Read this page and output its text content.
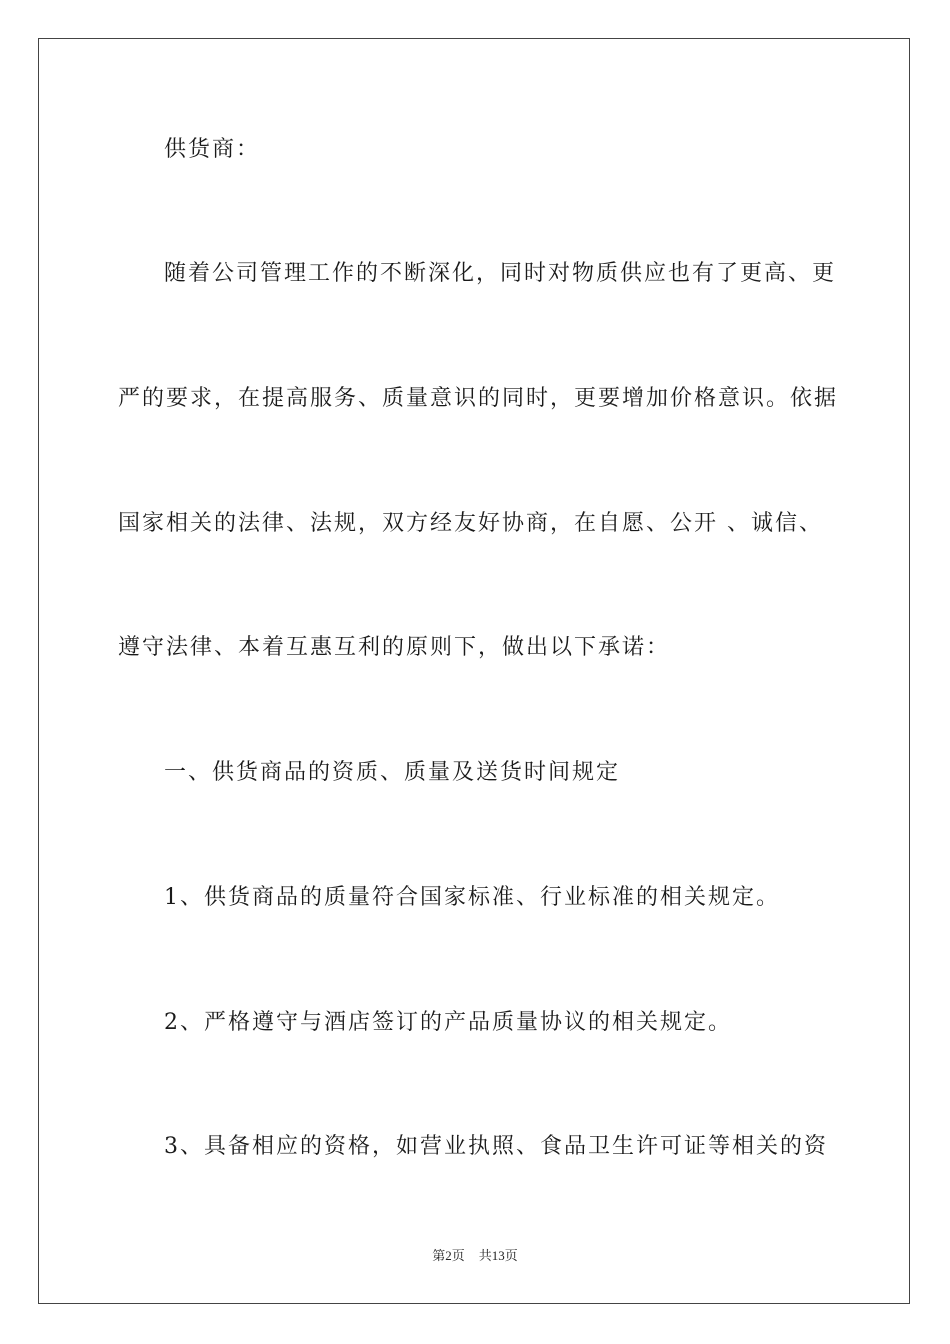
供货商：
随着公司管理工作的不断深化，同时对物质供应也有了更高、更
严的要求，在提高服务、质量意识的同时，更要增加价格意识。依据
国家相关的法律、法规，双方经友好协商，在自愿、公开 、诚信、
遵守法律、本着互惠互利的原则下，做出以下承诺：
一、供货商品的资质、质量及送货时间规定
1、供货商品的质量符合国家标准、行业标准的相关规定。
2、严格遵守与酒店签订的产品质量协议的相关规定。
3、具备相应的资格，如营业执照、食品卫生许可证等相关的资
第2页 共13页
